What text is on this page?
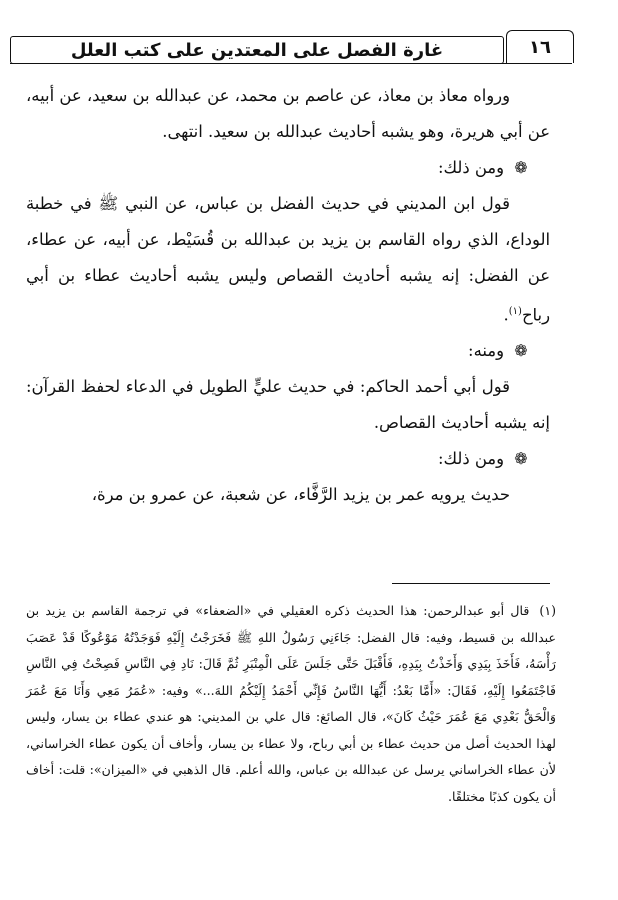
غارة الفصل على المعتدين على كتب العلل	١٦

ورواه معاذ بن معاذ، عن عاصم بن محمد، عن عبدالله بن سعيد، عن أبيه، عن أبي هريرة، وهو يشبه أحاديث عبدالله بن سعيد. انتهى.

❁
ومن ذلك:

قول ابن المديني في حديث الفضل بن عباس، عن النبي ﷺ في خطبة الوداع، الذي رواه القاسم بن يزيد بن عبدالله بن قُسَيْط، عن أبيه، عن عطاء، عن الفضل: إنه يشبه أحاديث القصاص وليس يشبه أحاديث عطاء بن أبي رباح$^{(١)}$.

❁
ومنه:

قول أبي أحمد الحاكم: في حديث عليٍّ الطويل في الدعاء لحفظ القرآن: إنه يشبه أحاديث القصاص.

❁
ومن ذلك:

حديث يرويه عمر بن يزيد الرَّفَّاء، عن شعبة، عن عمرو بن مرة،

(١)قال أبو عبدالرحمن: هذا الحديث ذكره العقيلي في «الضعفاء» في ترجمة القاسم بن يزيد بن عبدالله بن قسيط، وفيه: قال الفضل: جَاءَنِي رَسُولُ اللهِ ﷺ فَخَرَجْتُ إِلَيْهِ فَوَجَدْتُهُ مَوْعُوكًا قَدْ عَصَبَ رَأْسَهُ، فَأَخَذَ بِيَدِي وَأَخَذْتُ بِيَدِهِ، فَأَقْبَلَ حَتَّى جَلَسَ عَلَى الْمِنْبَرِ ثُمَّ قَالَ: نَادِ فِي النَّاسِ فَصِحْتُ فِي النَّاسِ فَاجْتَمَعُوا إِلَيْهِ، فَقَالَ: «أَمَّا بَعْدُ: أَيُّهَا النَّاسُ فَإِنِّي أَحْمَدُ إِلَيْكُمُ اللهَ...» وفيه: «عُمَرُ مَعِي وَأَنَا مَعَ عُمَرَ وَالْحَقُّ بَعْدِي مَعَ عُمَرَ حَيْثُ كَانَ»، قال الصائغ: قال علي بن المديني: هو عندي عطاء بن يسار، وليس لهذا الحديث أصل من حديث عطاء بن أبي رباح، ولا عطاء بن يسار، وأخاف أن يكون عطاء الخراساني، لأن عطاء الخراساني يرسل عن عبدالله بن عباس، والله أعلم. قال الذهبي في «الميزان»: قلت: أخاف أن يكون كذبًا مختلقًا.
